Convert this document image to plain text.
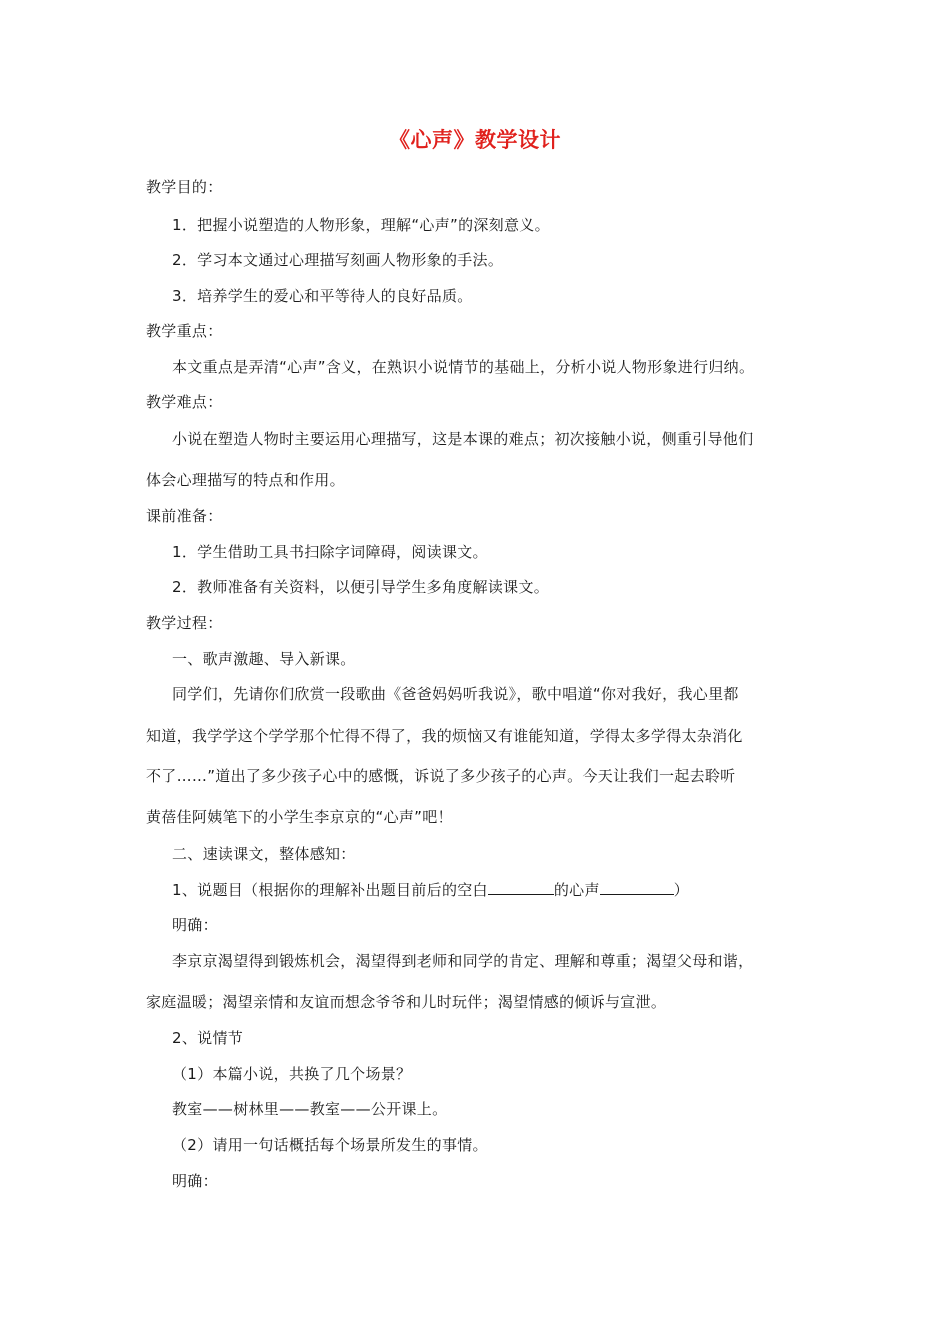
《心声》教学设计
教学目的：
1．把握小说塑造的人物形象，理解“心声”的深刻意义。
2．学习本文通过心理描写刻画人物形象的手法。
3．培养学生的爱心和平等待人的良好品质。
教学重点：
本文重点是弄清“心声”含义，在熟识小说情节的基础上，分析小说人物形象进行归纳。
教学难点：
小说在塑造人物时主要运用心理描写，这是本课的难点；初次接触小说，侧重引导他们
体会心理描写的特点和作用。
课前准备：
1．学生借助工具书扫除字词障碍，阅读课文。
2．教师准备有关资料，以便引导学生多角度解读课文。
教学过程：
一、歌声激趣、导入新课。
同学们，先请你们欣赏一段歌曲《爸爸妈妈听我说》，歌中唱道“你对我好，我心里都
知道，我学学这个学学那个忙得不得了，我的烦恼又有谁能知道，学得太多学得太杂消化
不了……”道出了多少孩子心中的感慨，诉说了多少孩子的心声。今天让我们一起去聆听
黄蓓佳阿姨笔下的小学生李京京的“心声”吧！
二、速读课文，整体感知：
1、说题目（根据你的理解补出题目前后的空白	的心声	）
明确：
李京京渴望得到锻炼机会，渴望得到老师和同学的肯定、理解和尊重；渴望父母和谐，
家庭温暖；渴望亲情和友谊而想念爷爷和儿时玩伴；渴望情感的倾诉与宣泄。
2、说情节
（1）本篇小说，共换了几个场景？
教室——树林里——教室——公开课上。
（2）请用一句话概括每个场景所发生的事情。
明确：
